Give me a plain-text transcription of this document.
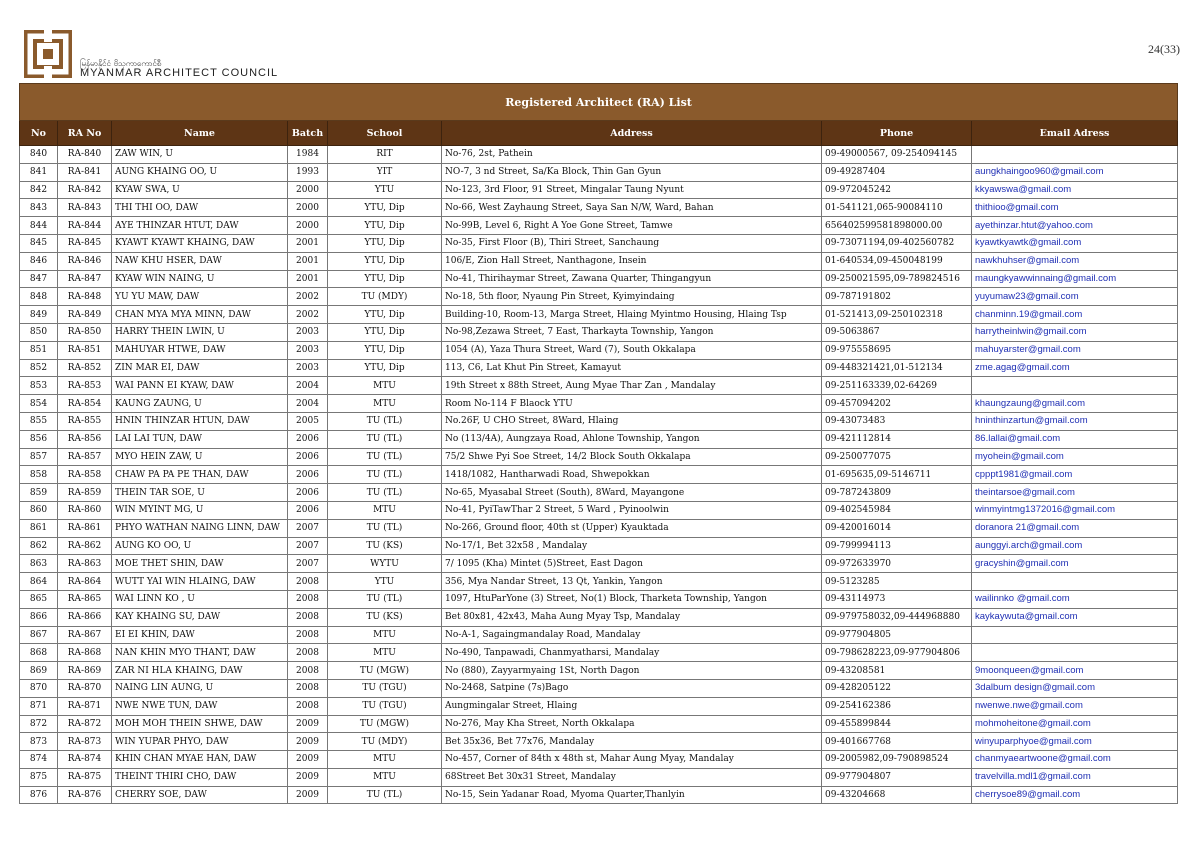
မြန်မာနိုင်ငံ ဗိသုကာကောင်စီ
MYANMAR ARCHITECT COUNCIL
24(33)
Registered Architect (RA) List							
No	RA No	Name	Batch	School	Address	Phone	Email Adress
840	RA-840	ZAW WIN, U	1984	RIT	No-76, 2st, Pathein	09-49000567, 09-254094145	
841	RA-841	AUNG KHAING OO, U	1993	YIT	NO-7, 3 nd Street, Sa/Ka Block, Thin Gan Gyun	09-49287404	aungkhaingoo960@gmail.com
842	RA-842	KYAW SWA, U	2000	YTU	No-123, 3rd Floor, 91 Street, Mingalar Taung Nyunt	09-972045242	kkyawswa@gmail.com
843	RA-843	THI THI OO, DAW	2000	YTU, Dip	No-66, West Zayhaung Street, Saya San N/W, Ward, Bahan	01-541121,065-90084110	thithioo@gmail.com
844	RA-844	AYE THINZAR HTUT, DAW	2000	YTU, Dip	No-99B, Level 6, Right A Yoe Gone Street, Tamwe	656402599581898000.00	ayethinzar.htut@yahoo.com
845	RA-845	KYAWT KYAWT KHAING, DAW	2001	YTU, Dip	No-35, First Floor (B), Thiri Street, Sanchaung	09-73071194,09-402560782	kyawtkyawtk@gmail.com
846	RA-846	NAW KHU HSER, DAW	2001	YTU, Dip	106/E, Zion Hall Street, Nanthagone, Insein	01-640534,09-450048199	nawkhuhser@gmail.com
847	RA-847	KYAW WIN NAING, U	2001	YTU, Dip	No-41, Thirihaymar Street, Zawana Quarter, Thingangyun	09-250021595,09-789824516	maungkyawwinnaing@gmail.com
848	RA-848	YU YU MAW, DAW	2002	TU (MDY)	No-18, 5th floor, Nyaung Pin Street, Kyimyindaing	09-787191802	yuyumaw23@gmail.com
849	RA-849	CHAN MYA MYA MINN, DAW	2002	YTU, Dip	Building-10, Room-13, Marga Street, Hlaing Myintmo Housing, Hlaing Tsp	01-521413,09-250102318	chanminn.19@gmail.com
850	RA-850	HARRY THEIN LWIN, U	2003	YTU, Dip	No-98,Zezawa Street, 7 East, Tharkayta Township, Yangon	09-5063867	harrytheinlwin@gmail.com
851	RA-851	MAHUYAR HTWE, DAW	2003	YTU, Dip	1054 (A), Yaza Thura Street, Ward (7), South Okkalapa	09-975558695	mahuyarster@gmail.com
852	RA-852	ZIN MAR EI, DAW	2003	YTU, Dip	113, C6, Lat Khut Pin Street, Kamayut	09-448321421,01-512134	zme.agag@gmail.com
853	RA-853	WAI PANN EI KYAW, DAW	2004	MTU	19th Street x 88th Street, Aung Myae Thar Zan , Mandalay	09-251163339,02-64269	
854	RA-854	KAUNG ZAUNG, U	2004	MTU	Room No-114 F Blaock YTU	09-457094202	khaungzaung@gmail.com
855	RA-855	HNIN THINZAR HTUN, DAW	2005	TU (TL)	No.26F, U CHO Street, 8Ward, Hlaing	09-43073483	hninthinzartun@gmail.com
856	RA-856	LAI LAI TUN, DAW	2006	TU (TL)	No (113/4A), Aungzaya Road, Ahlone Township, Yangon	09-421112814	86.lallai@gmail.com
857	RA-857	MYO HEIN ZAW, U	2006	TU (TL)	75/2 Shwe Pyi Soe Street, 14/2 Block South Okkalapa	09-250077075	myohein@gmail.com
858	RA-858	CHAW PA PA PE THAN, DAW	2006	TU (TL)	1418/1082, Hantharwadi Road, Shwepokkan	01-695635,09-5146711	cpppt1981@gmail.com
859	RA-859	THEIN TAR SOE, U	2006	TU (TL)	No-65, Myasabal Street (South), 8Ward, Mayangone	09-787243809	theintarsoe@gmail.com
860	RA-860	WIN MYINT MG, U	2006	MTU	No-41, PyiTawThar 2 Street, 5 Ward , Pyinoolwin	09-402545984	winmyintmg1372016@gmail.com
861	RA-861	PHYO WATHAN NAING LINN, DAW	2007	TU (TL)	No-266, Ground floor, 40th st (Upper) Kyauktada	09-420016014	doranora 21@gmail.com
862	RA-862	AUNG KO OO, U	2007	TU (KS)	No-17/1, Bet 32x58 , Mandalay	09-799994113	aunggyi.arch@gmail.com
863	RA-863	MOE THET SHIN, DAW	2007	WYTU	7/ 1095 (Kha) Mintet (5)Street, East Dagon	09-972633970	gracyshin@gmail.com
864	RA-864	WUTT YAI WIN HLAING, DAW	2008	YTU	356, Mya Nandar Street, 13 Qt, Yankin, Yangon	09-5123285	
865	RA-865	WAI LINN KO , U	2008	TU (TL)	1097, HtuParYone (3) Street, No(1) Block, Tharketa Township, Yangon	09-43114973	wailinnko @gmail.com
866	RA-866	KAY KHAING SU, DAW	2008	TU (KS)	Bet 80x81, 42x43, Maha Aung Myay Tsp, Mandalay	09-979758032,09-444968880	kaykaywuta@gmail.com
867	RA-867	EI EI KHIN, DAW	2008	MTU	No-A-1, Sagaingmandalay Road, Mandalay	09-977904805	
868	RA-868	NAN KHIN MYO THANT, DAW	2008	MTU	No-490, Tanpawadi, Chanmyatharsi, Mandalay	09-798628223,09-977904806	
869	RA-869	ZAR NI HLA KHAING, DAW	2008	TU (MGW)	No (880), Zayyarmyaing 1St, North Dagon	09-43208581	9moonqueen@gmail.com
870	RA-870	NAING LIN AUNG, U	2008	TU (TGU)	No-2468, Satpine (7s)Bago	09-428205122	3dalbum design@gmail.com
871	RA-871	NWE NWE TUN, DAW	2008	TU (TGU)	Aungmingalar Street, Hlaing	09-254162386	nwenwe.nwe@gmail.com
872	RA-872	MOH MOH THEIN SHWE, DAW	2009	TU (MGW)	No-276, May Kha Street, North Okkalapa	09-455899844	mohmoheitone@gmail.com
873	RA-873	WIN YUPAR PHYO, DAW	2009	TU (MDY)	Bet 35x36, Bet 77x76, Mandalay	09-401667768	winyuparphyoe@gmail.com
874	RA-874	KHIN CHAN MYAE HAN, DAW	2009	MTU	No-457, Corner of 84th x 48th st, Mahar Aung Myay, Mandalay	09-2005982,09-790898524	chanmyaeartwoone@gmail.com
875	RA-875	THEINT THIRI CHO, DAW	2009	MTU	68Street Bet 30x31 Street, Mandalay	09-977904807	travelvilla.mdl1@gmail.com
876	RA-876	CHERRY SOE, DAW	2009	TU (TL)	No-15, Sein Yadanar Road, Myoma Quarter,Thanlyin	09-43204668	cherrysoe89@gmail.com
